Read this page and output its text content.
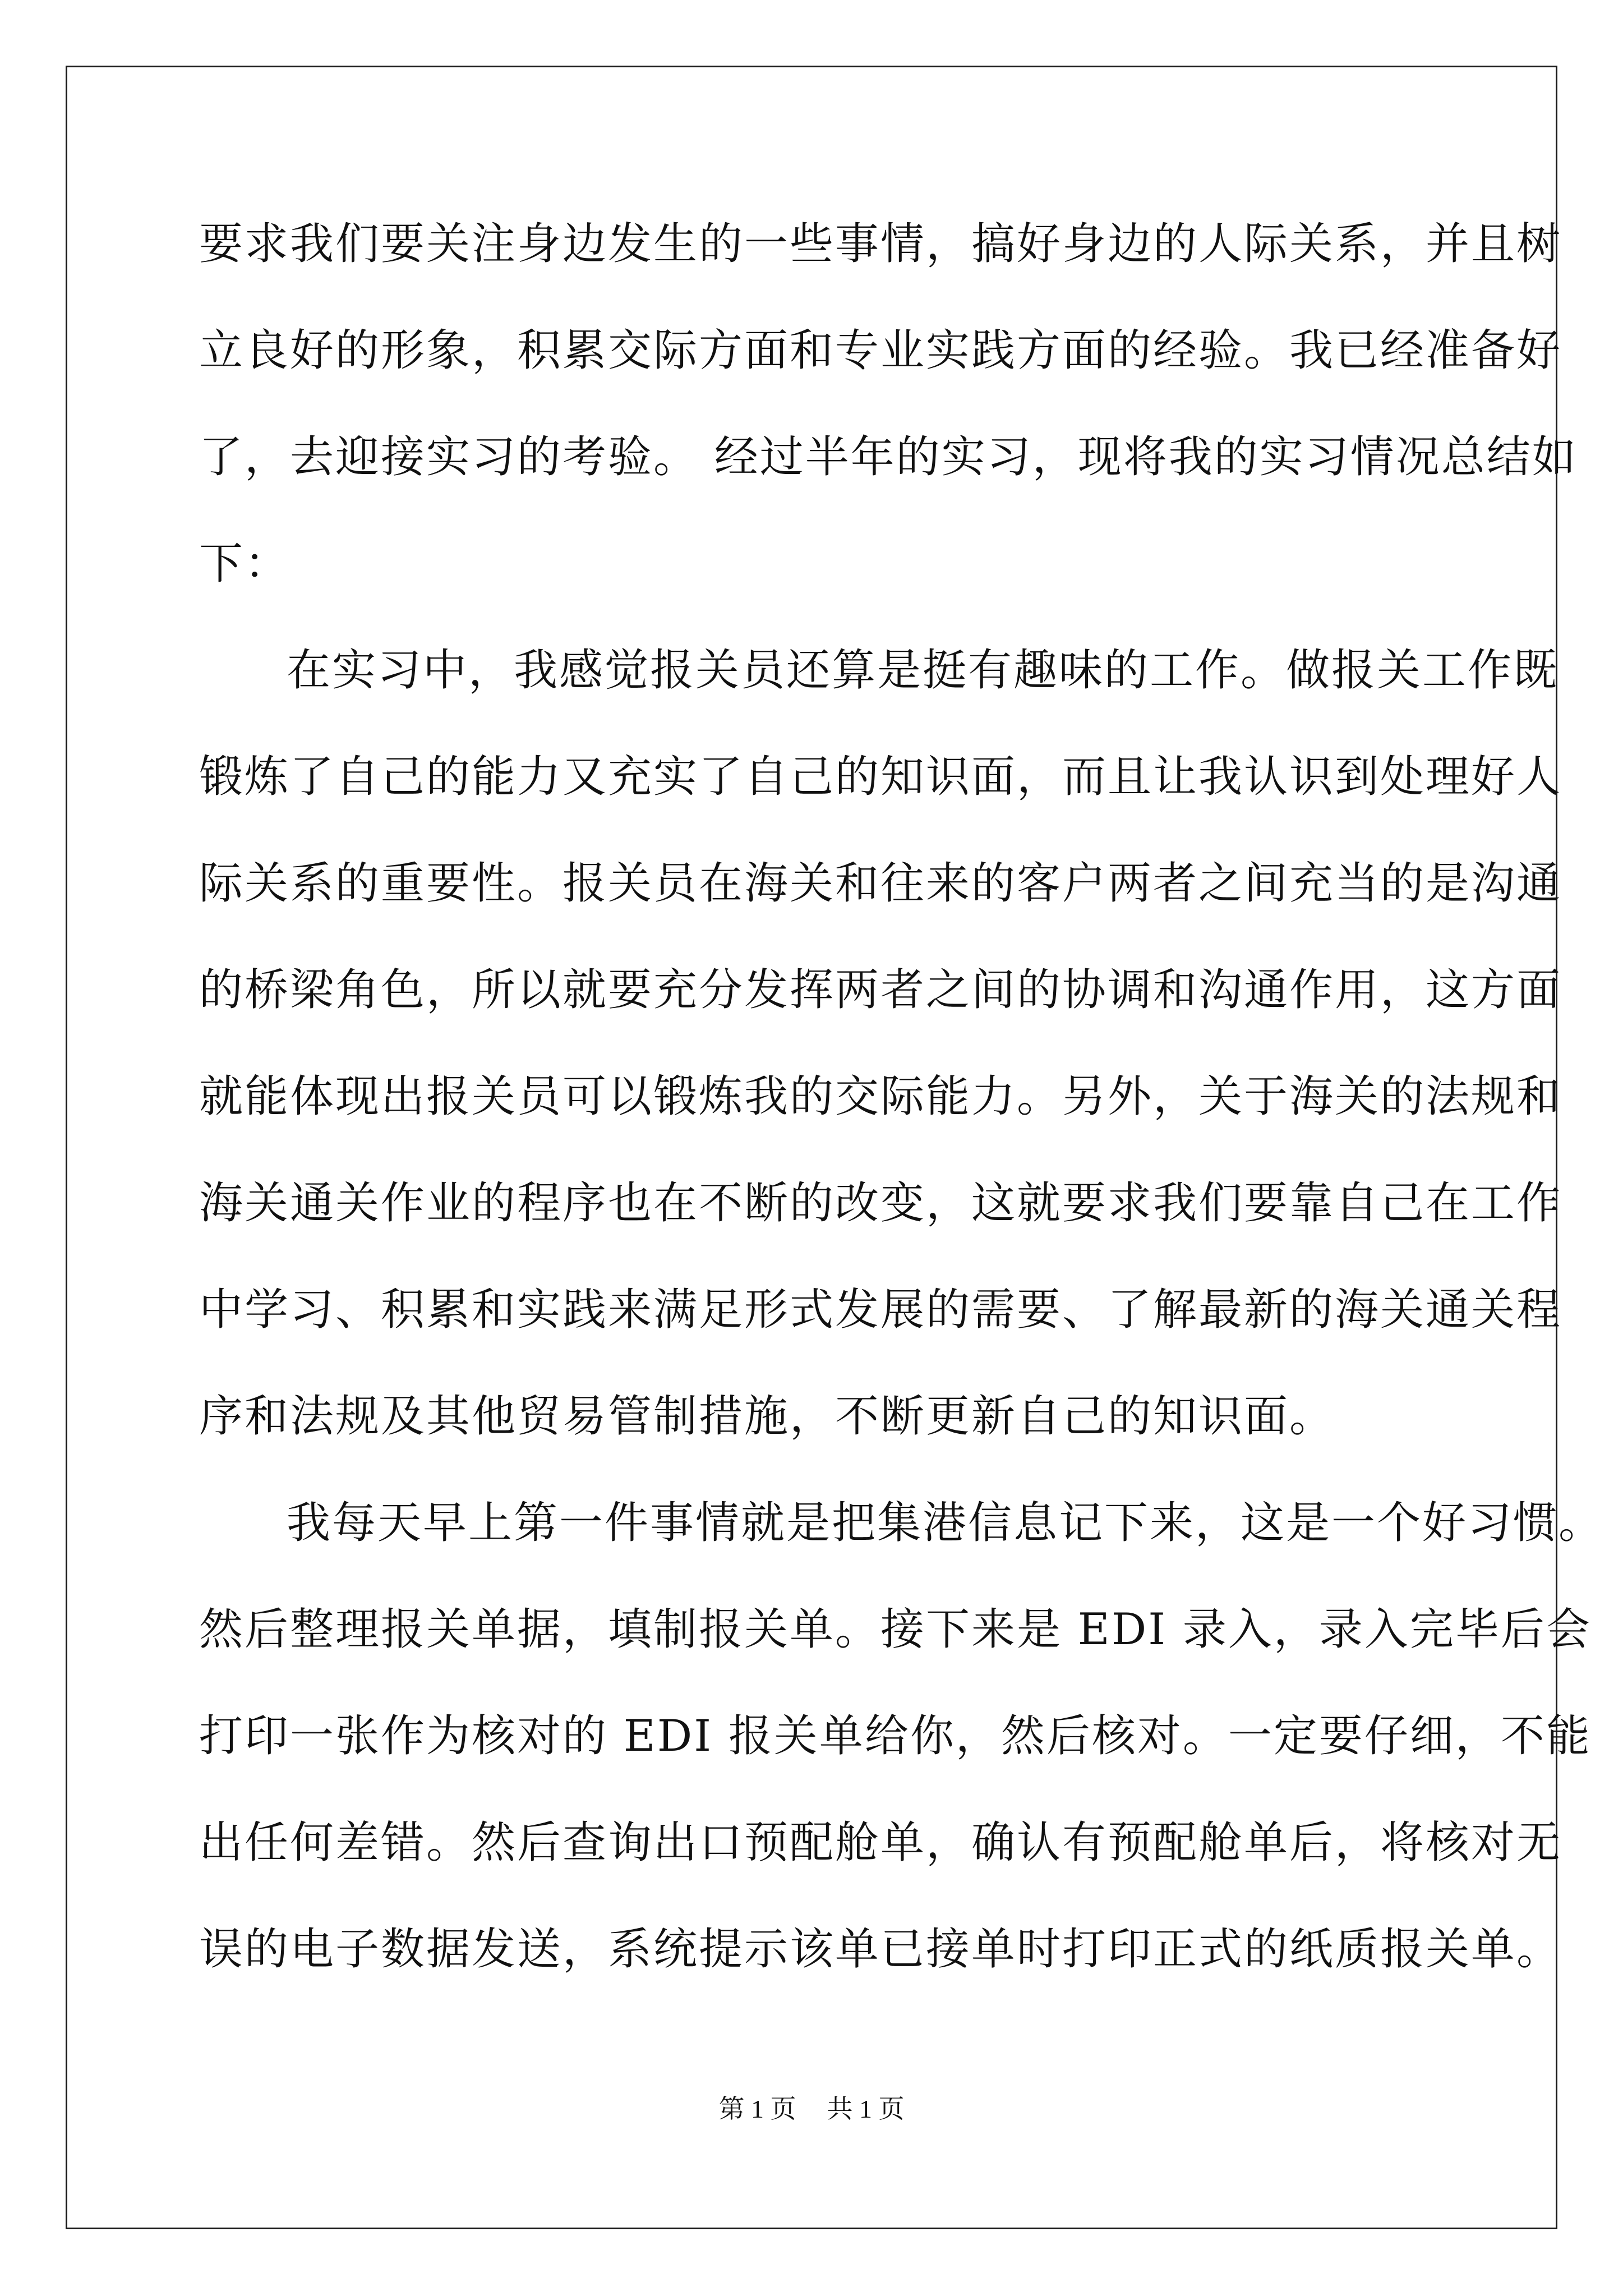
要求我们要关注身边发生的一些事情，搞好身边的人际关系，并且树
立良好的形象，积累交际方面和专业实践方面的经验。我已经准备好
了，去迎接实习的考验。 经过半年的实习，现将我的实习情况总结如
下：
在实习中，我感觉报关员还算是挺有趣味的工作。做报关工作既
锻炼了自己的能力又充实了自己的知识面，而且让我认识到处理好人
际关系的重要性。报关员在海关和往来的客户两者之间充当的是沟通
的桥梁角色，所以就要充分发挥两者之间的协调和沟通作用，这方面
就能体现出报关员可以锻炼我的交际能力。另外，关于海关的法规和
海关通关作业的程序也在不断的改变，这就要求我们要靠自己在工作
中学习、积累和实践来满足形式发展的需要、了解最新的海关通关程
序和法规及其他贸易管制措施，不断更新自己的知识面。
我每天早上第一件事情就是把集港信息记下来，这是一个好习惯。
然后整理报关单据，填制报关单。接下来是 EDI 录入，录入完毕后会
打印一张作为核对的 EDI 报关单给你，然后核对。一定要仔细，不能
出任何差错。然后查询出口预配舱单，确认有预配舱单后，将核对无
误的电子数据发送，系统提示该单已接单时打印正式的纸质报关单。
第 1 页 共 1 页
